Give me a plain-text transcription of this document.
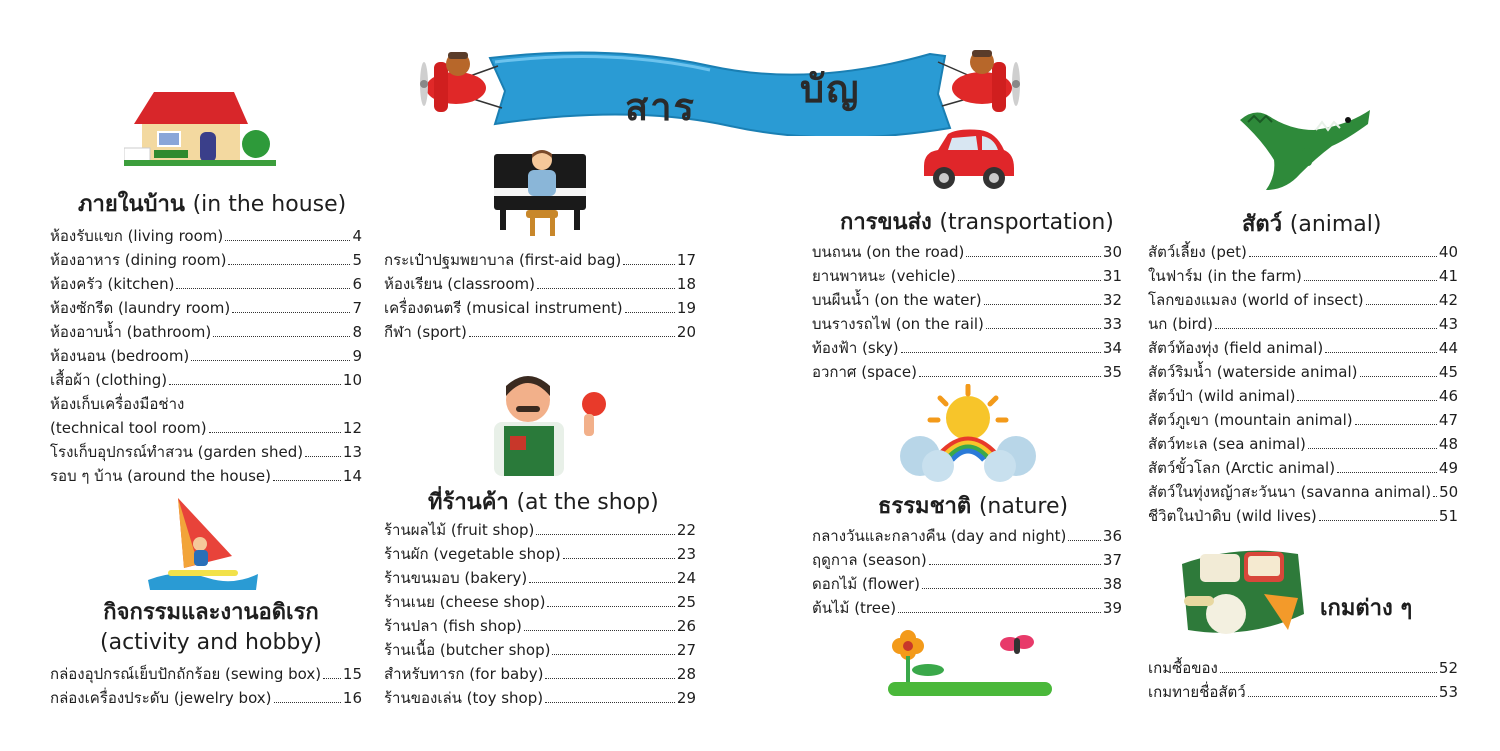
สาร	บัญ
ภายในบ้าน (in the house)
ห้องรับแขก (living room)	4
ห้องอาหาร (dining room)	5
ห้องครัว (kitchen)	6
ห้องซักรีด (laundry room)	7
ห้องอาบน้ำ (bathroom)	8
ห้องนอน (bedroom)	9
เสื้อผ้า (clothing)	10
ห้องเก็บเครื่องมือช่าง
(technical tool room)	12
โรงเก็บอุปกรณ์ทำสวน (garden shed)	13
รอบ ๆ บ้าน (around the house)	14
กิจกรรมและงานอดิเรก
(activity and hobby)
กล่องอุปกรณ์เย็บปักถักร้อย (sewing box) 15
กล่องเครื่องประดับ (jewelry box)	16
กระเป๋าปฐมพยาบาล (first-aid bag)	17
ห้องเรียน (classroom)	18
เครื่องดนตรี (musical instrument)	19
กีฬา (sport)	20
ที่ร้านค้า (at the shop)
ร้านผลไม้ (fruit shop)	22
ร้านผัก (vegetable shop)	23
ร้านขนมอบ (bakery)	24
ร้านเนย (cheese shop)	25
ร้านปลา (fish shop)	26
ร้านเนื้อ (butcher shop)	27
สำหรับทารก (for baby)	28
ร้านของเล่น (toy shop)	29
การขนส่ง (transportation)
บนถนน (on the road)	30
ยานพาหนะ (vehicle)	31
บนผืนน้ำ (on the water)	32
บนรางรถไฟ (on the rail)	33
ท้องฟ้า (sky)	34
อวกาศ (space)	35
ธรรมชาติ (nature)
กลางวันและกลางคืน (day and night) 36
ฤดูกาล (season)	37
ดอกไม้ (flower)	38
ต้นไม้ (tree)	39
สัตว์ (animal)
สัตว์เลี้ยง (pet)	40
ในฟาร์ม (in the farm)	41
โลกของแมลง (world of insect)	42
นก (bird)	43
สัตว์ท้องทุ่ง (field animal)	44
สัตว์ริมน้ำ (waterside animal)	45
สัตว์ป่า (wild animal)	46
สัตว์ภูเขา (mountain animal)	47
สัตว์ทะเล (sea animal)	48
สัตว์ขั้วโลก (Arctic animal)	49
สัตว์ในทุ่งหญ้าสะวันนา (savanna animal) 50
ชีวิตในป่าดิบ (wild lives)	51
เกมต่าง ๆ
เกมซื้อของ	52
เกมทายชื่อสัตว์	53
